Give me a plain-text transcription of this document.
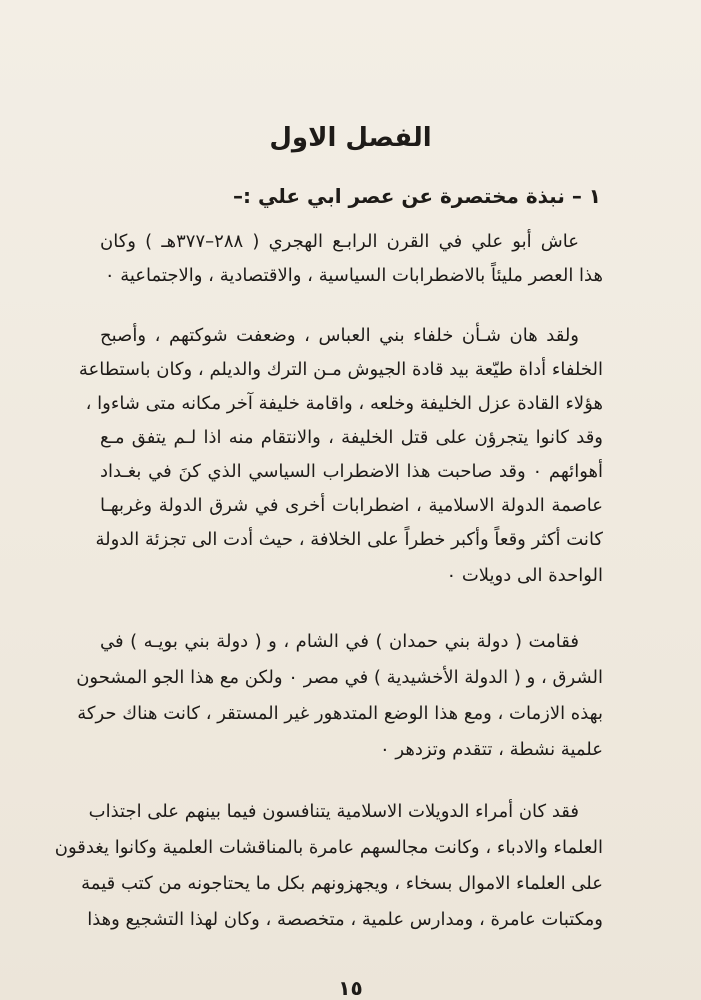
الفصل الاول
١ – نبذة مختصرة عن عصر ابي علي :–
عاش أبو علي في القرن الرابـع الهجري ( ٢٨٨–٣٧٧هـ ) وكان
هذا العصر مليئاً بالاضطرابات السياسية ، والاقتصادية ، والاجتماعية ٠
ولقد هان شـأن خلفاء بني العباس ، وضعفت شوكتهم ، وأصبح
الخلفاء أداة طيّعة بيد قادة الجيوش مـن الترك والديلم ، وكان باستطاعة
هؤلاء القادة عزل الخليفة وخلعه ، واقامة خليفة آخر مكانه متى شاءوا ،
وقد كانوا يتجرؤن على قتل الخليفة ، والانتقام منه اذا لـم يتفق مـع
أهوائهم ٠ وقد صاحبت هذا الاضطراب السياسي الذي كنَ في بغـداد
عاصمة الدولة الاسلامية ، اضطرابات أخرى في شرق الدولة وغربهـا
كانت أكثر وقعاً وأكبر خطراً على الخلافة ، حيث أدت الى تجزئة الدولة
الواحدة الى دويلات ٠
فقامت ( دولة بني حمدان ) في الشام ، و ( دولة بني بويـه ) في
الشرق ، و ( الدولة الأخشيدية ) في مصر ٠ ولكن مع هذا الجو المشحون
بهذه الازمات ، ومع هذا الوضع المتدهور غير المستقر ، كانت هناك حركة
علمية نشطة ، تتقدم وتزدهر ٠
فقد كان أمراء الدويلات الاسلامية يتنافسون فيما بينهم على اجتذاب
العلماء والادباء ، وكانت مجالسهم عامرة بالمناقشات العلمية وكانوا يغدقون
على العلماء الاموال بسخاء ، ويجهزونهم بكل ما يحتاجونه من كتب قيمة
ومكتبات عامرة ، ومدارس علمية ، متخصصة ، وكان لهذا التشجيع وهذا
١٥
